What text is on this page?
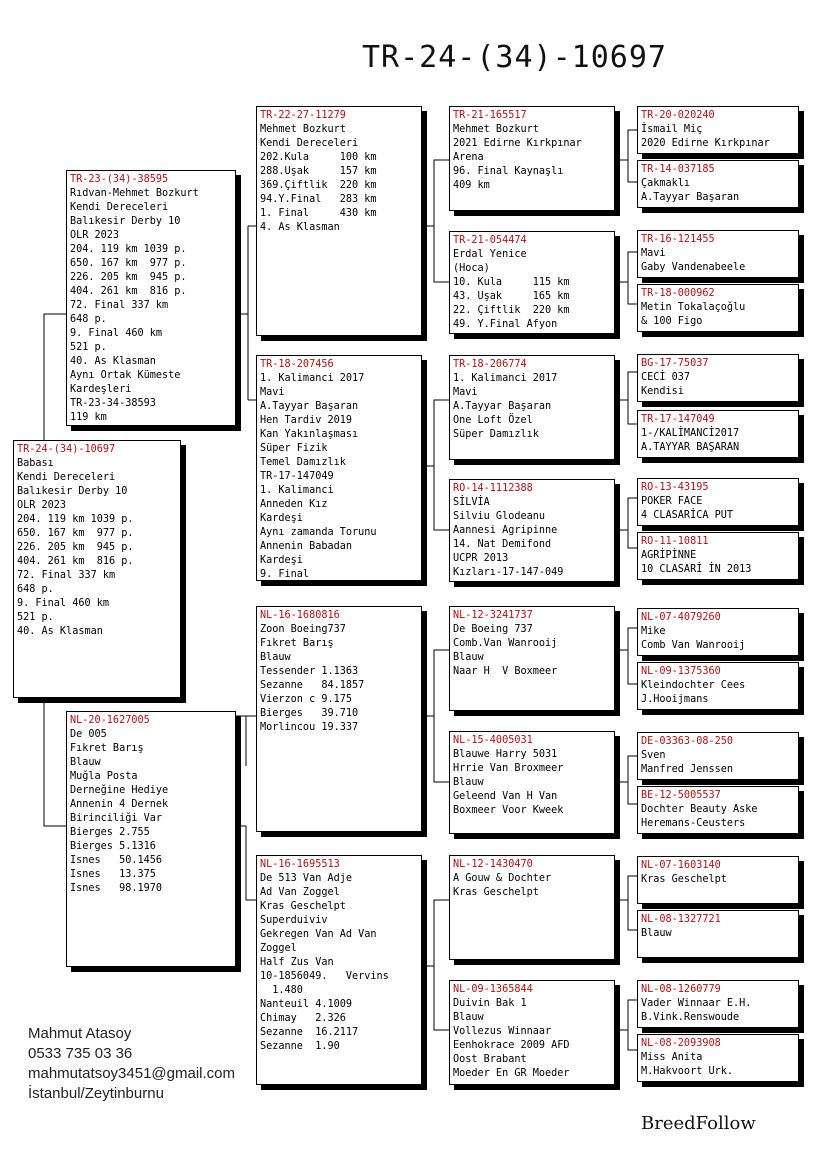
TR-24-(34)-10697
TR-24-(34)-10697
Babası
Kendi Dereceleri
Balıkesir Derby 10
OLR 2023
204. 119 km 1039 p.
650. 167 km  977 p.
226. 205 km  945 p.
404. 261 km  816 p.
72. Final 337 km
648 p.
9. Final 460 km
521 p.
40. As Klasman
TR-23-(34)-38595
Rıdvan-Mehmet Bozkurt
Kendi Dereceleri
Balıkesir Derby 10
OLR 2023
204. 119 km 1039 p.
650. 167 km  977 p.
226. 205 km  945 p.
404. 261 km  816 p.
72. Final 337 km
648 p.
9. Final 460 km
521 p.
40. As Klasman
Aynı Ortak Kümeste
Kardeşleri
TR-23-34-38593
119 km
NL-20-1627005
De 005
Fıkret Barış
Blauw
Muğla Posta
Derneğine Hediye
Annenin 4 Dernek
Birinciliği Var
Bierges 2.755
Bierges 5.1316
Isnes   50.1456
Isnes   13.375
Isnes   98.1970
TR-22-27-11279
Mehmet Bozkurt
Kendi Dereceleri
202.Kula     100 km
288.Uşak     157 km
369.Çiftlik  220 km
94.Y.Final   283 km
1. Final     430 km
4. As Klasman
TR-18-207456
1. Kalimanci 2017
Mavi
A.Tayyar Başaran
Hen Tardiv 2019
Kan Yakınlaşması
Süper Fizik
Temel Damızlık
TR-17-147049
1. Kalimanci
Anneden Kız
Kardeşi
Aynı zamanda Torunu
Annenin Babadan
Kardeşi
9. Final
NL-16-1680816
Zoon Boeing737
Fıkret Barış
Blauw
Tessender 1.1363
Sezanne   84.1857
Vierzon c 9.175
Bierges   39.710
Morlincou 19.337
NL-16-1695513
De 513 Van Adje
Ad Van Zoggel
Kras Geschelpt
Superduiviv
Gekregen Van Ad Van
Zoggel
Half Zus Van
10-1856049.   Vervins
1.480
Nanteuil 4.1009
Chimay   2.326
Sezanne  16.2117
Sezanne  1.90
TR-21-165517
Mehmet Bozkurt
2021 Edirne Kırkpınar
Arena
96. Final Kaynaşlı
409 km
TR-21-054474
Erdal Yenice
(Hoca)
10. Kula     115 km
43. Uşak     165 km
22. Çiftlik  220 km
49. Y.Final Afyon
TR-18-206774
1. Kalimanci 2017
Mavi
A.Tayyar Başaran
One Loft Özel
Süper Damızlık
RO-14-1112388
SİLVİA
Silviu Glodeanu
Aannesi Agripinne
14. Nat Demifond
UCPR 2013
Kızları-17-147-049
NL-12-3241737
De Boeing 737
Comb.Van Wanrooij
Blauw
Naar H  V Boxmeer
NL-15-4005031
Blauwe Harry 5031
Hrrie Van Broxmeer
Blauw
Geleend Van H Van
Boxmeer Voor Kweek
NL-12-1430470
A Gouw & Dochter
Kras Geschelpt
NL-09-1365844
Duivin Bak 1
Blauw
Vollezus Winnaar
Eenhokrace 2009 AFD
Oost Brabant
Moeder En GR Moeder
TR-20-020240
İsmail Miç
2020 Edirne Kırkpınar
TR-14-037185
Çakmaklı
A.Tayyar Başaran
TR-16-121455
Mavi
Gaby Vandenabeele
TR-18-000962
Metin Tokalaçoğlu
& 100 Figo
BG-17-75037
CECİ 037
Kendisi
TR-17-147049
1-/KALİMANCİ2017
A.TAYYAR BAŞARAN
RO-13-43195
POKER FACE
4 CLASARİCA PUT
RO-11-10811
AGRİPİNNE
10 CLASARİ İN 2013
NL-07-4079260
Mike
Comb Van Wanrooij
NL-09-1375360
Kleindochter Cees
J.Hooijmans
DE-03363-08-250
Sven
Manfred Jenssen
BE-12-5005537
Dochter Beauty Aske
Heremans-Ceusters
NL-07-1603140
Kras Geschelpt
NL-08-1327721
Blauw
NL-08-1260779
Vader Winnaar E.H.
B.Vink.Renswoude
NL-08-2093908
Miss Anita
M.Hakvoort Urk.
Mahmut Atasoy
0533 735 03 36
mahmutatsoy3451@gmail.com
İstanbul/Zeytinburnu
BreedFollow
